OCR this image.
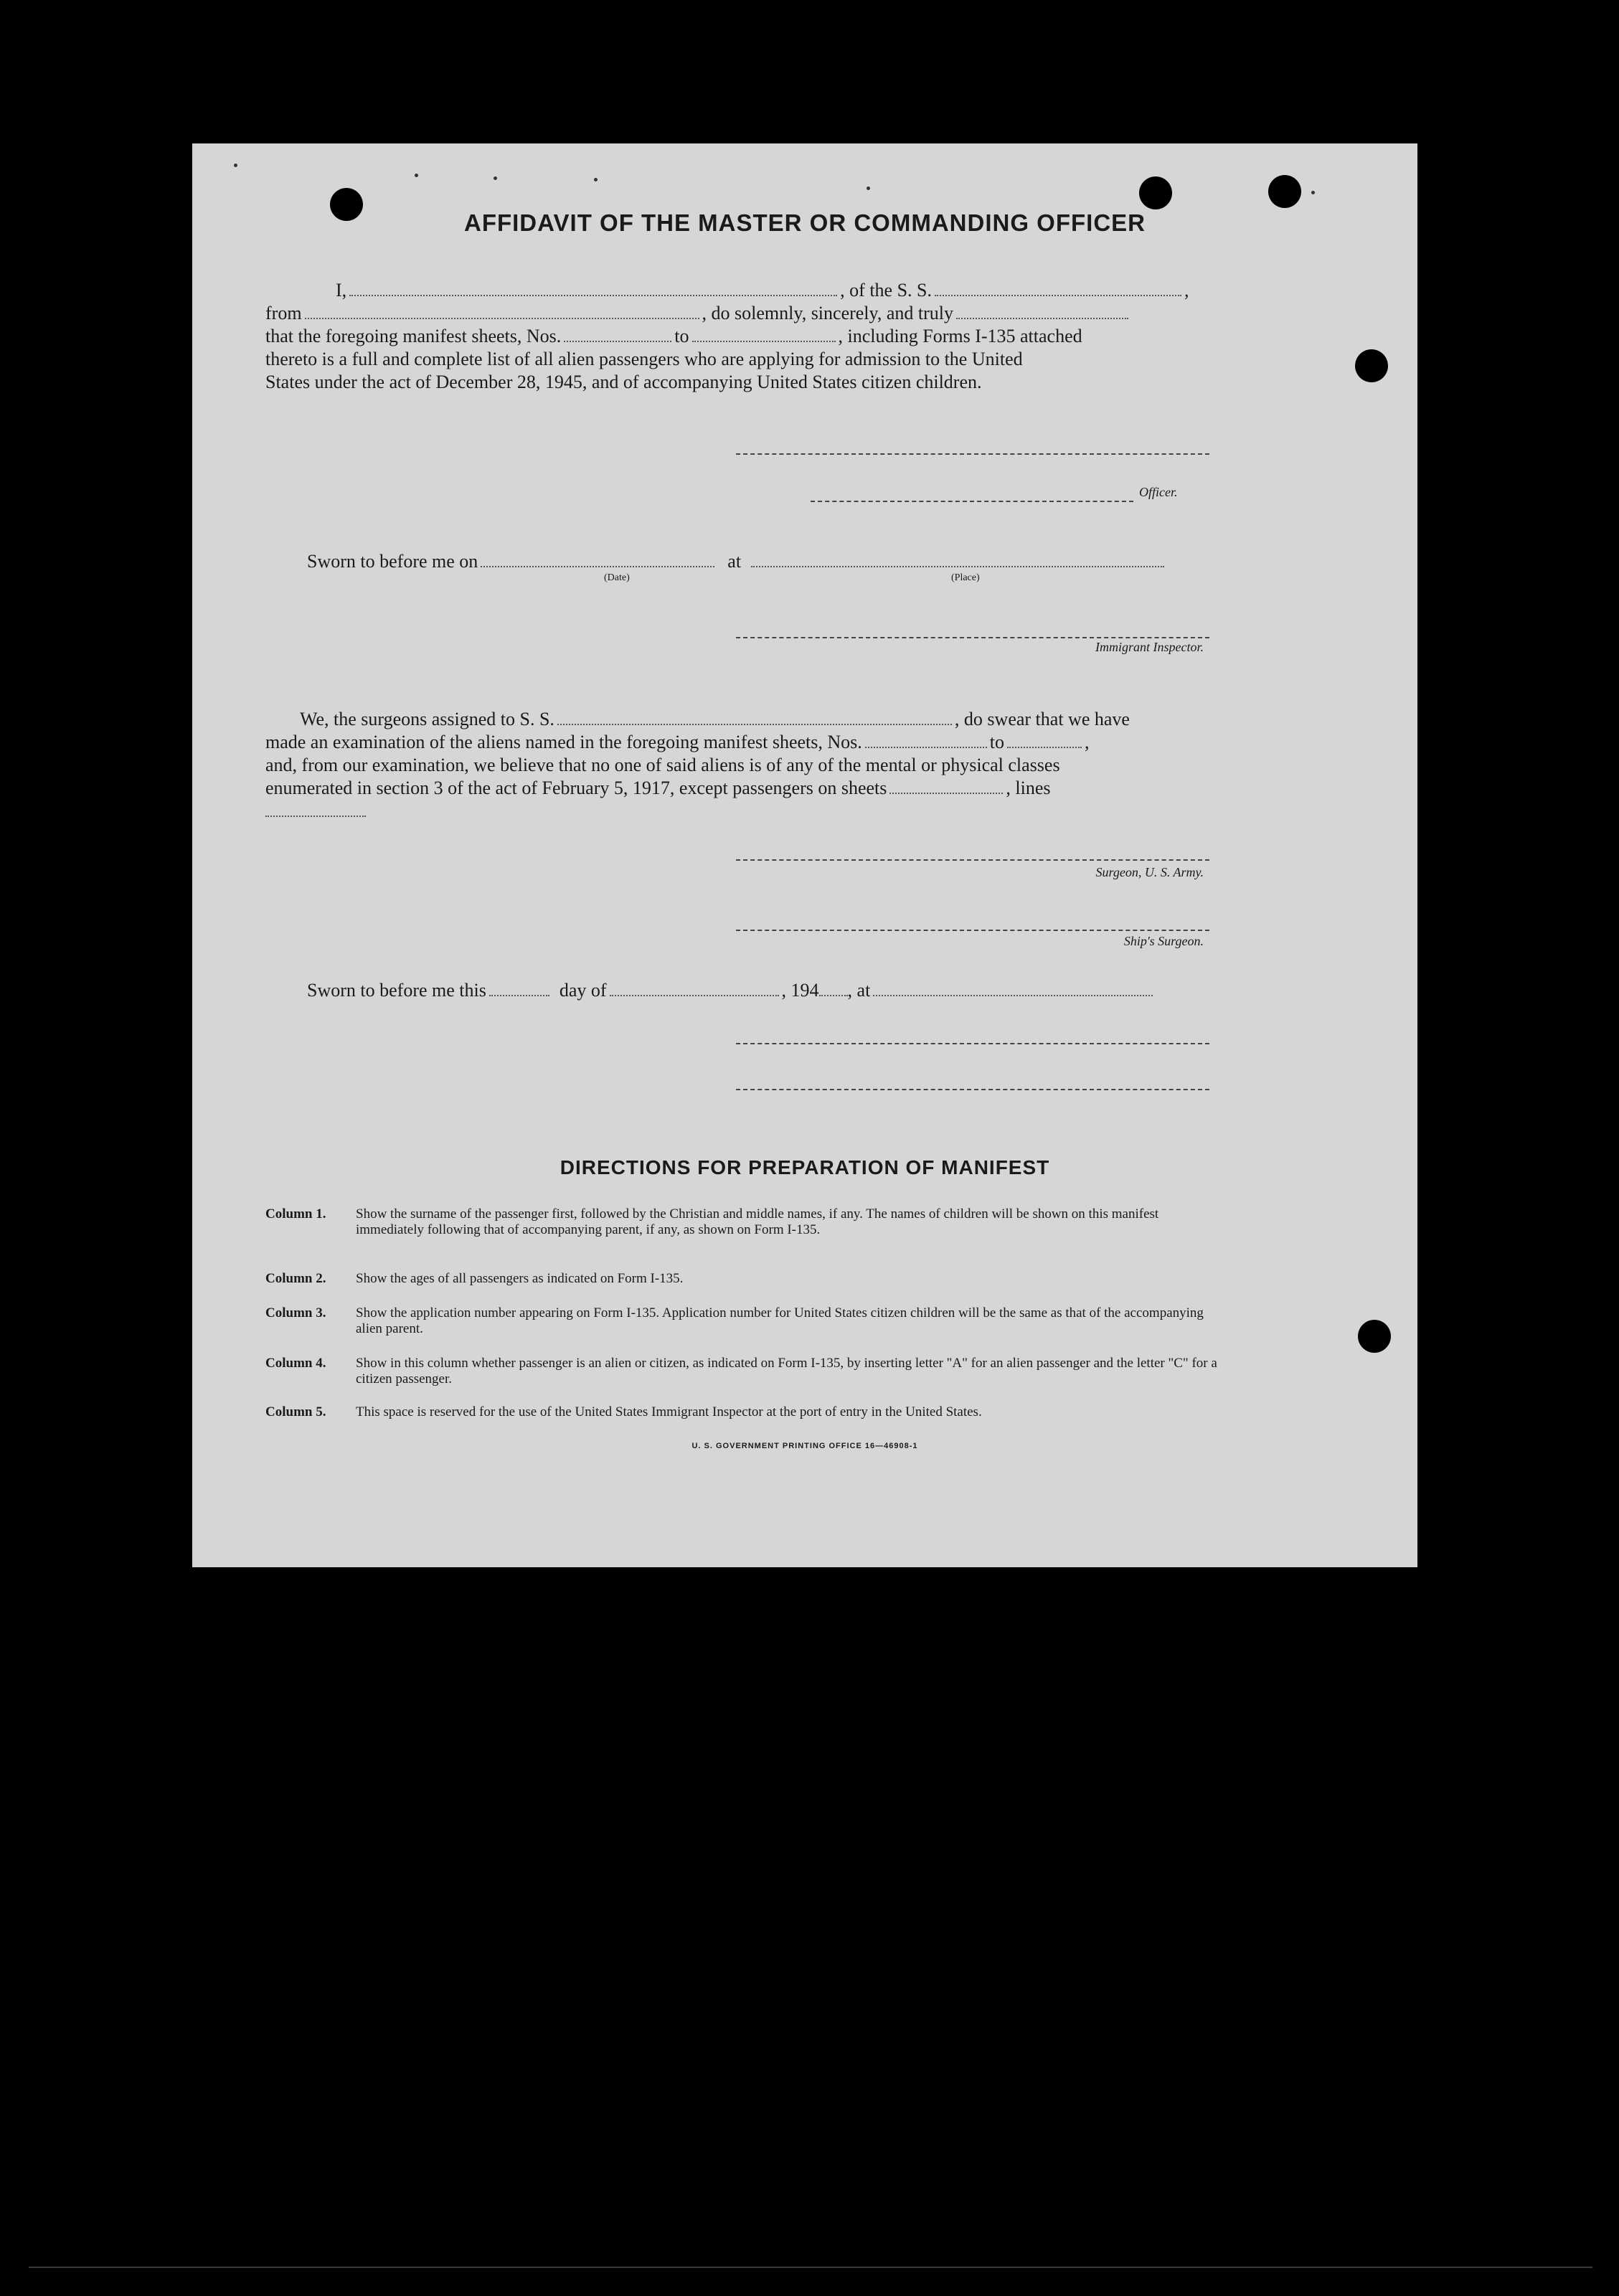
AFFIDAVIT OF THE MASTER OR COMMANDING OFFICER
I,	, of the S. S.	,
from	, do solemnly, sincerely, and truly
that the foregoing manifest sheets, Nos.	to	, including Forms I-135 attached
thereto is a full and complete list of all alien passengers who are applying for admission to the United
States under the act of December 28, 1945, and of accompanying United States citizen children.
Officer.
Sworn to before me on	at
(Date)	(Place)
Immigrant Inspector.
We, the surgeons assigned to S. S.	, do swear that we have
made an examination of the aliens named in the foregoing manifest sheets, Nos.	to	,
and, from our examination, we believe that no one of said aliens is of any of the mental or physical classes
enumerated in section 3 of the act of February 5, 1917, except passengers on sheets	, lines
Surgeon, U. S. Army.
Ship's Surgeon.
Sworn to before me this	day of	, 194 , at
DIRECTIONS FOR PREPARATION OF MANIFEST
Column 1.	Show the surname of the passenger first, followed by the Christian and middle names, if any. The names of children will be shown on this manifest immediately following that of accompanying parent, if any, as shown on Form I-135.
Column 2.	Show the ages of all passengers as indicated on Form I-135.
Column 3.	Show the application number appearing on Form I-135. Application number for United States citizen children will be the same as that of the accompanying alien parent.
Column 4.	Show in this column whether passenger is an alien or citizen, as indicated on Form I-135, by inserting letter "A" for an alien passenger and the letter "C" for a citizen passenger.
Column 5.	This space is reserved for the use of the United States Immigrant Inspector at the port of entry in the United States.
U. S. GOVERNMENT PRINTING OFFICE 16—46908-1
